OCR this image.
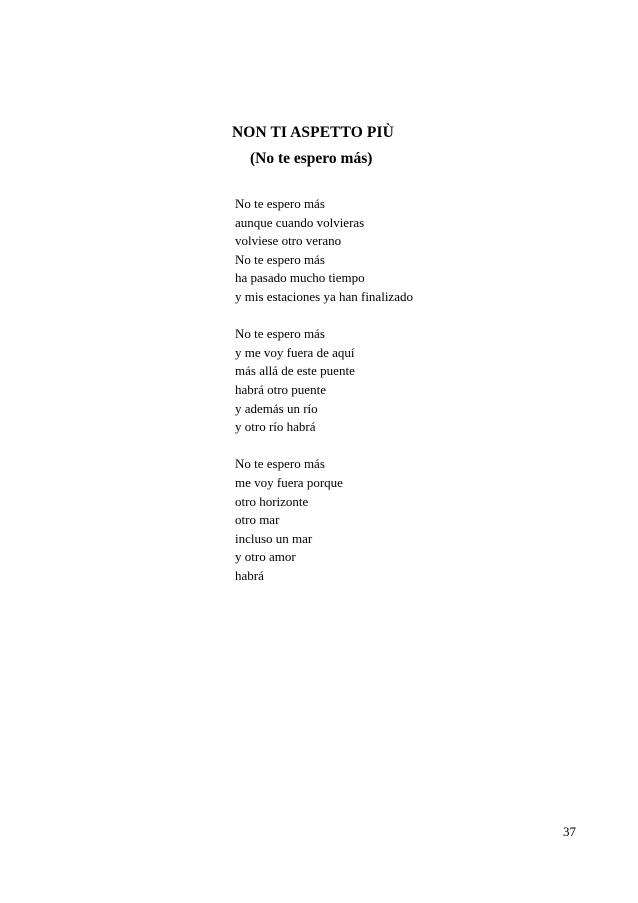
NON TI ASPETTO PIÙ
(No te espero más)
No te espero más
aunque cuando volvieras
volviese otro verano
No te espero más
ha pasado mucho tiempo
y mis estaciones ya han finalizado
No te espero más
y me voy fuera de aquí
más allá de este puente
habrá otro puente
y además un río
y otro río habrá
No te espero más
me voy fuera porque
otro horizonte
otro mar
incluso un mar
y otro amor
habrá
37
